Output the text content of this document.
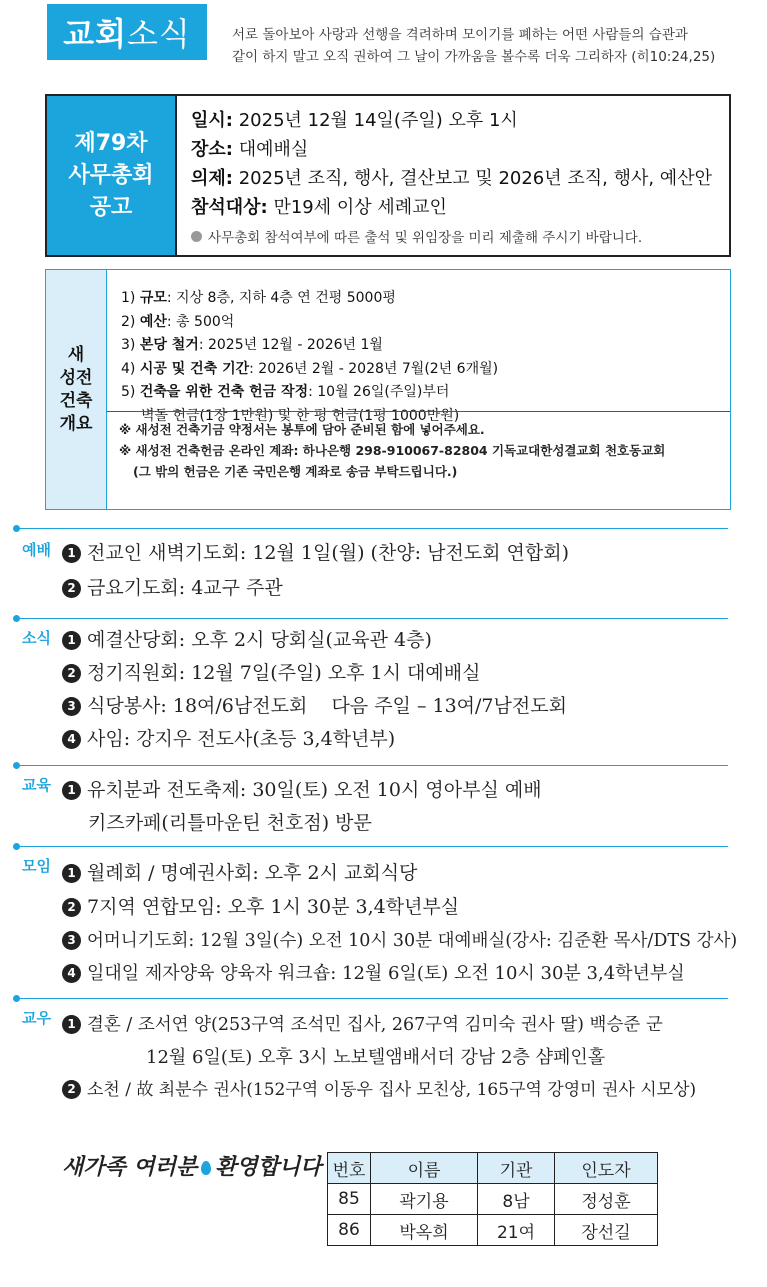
교회 소식	서로 돌아보아 사랑과 선행을 격려하며 모이기를 폐하는 어떤 사람들의 습관과
같이 하지 말고 오직 권하여 그 날이 가까움을 볼수록 더욱 그리하자 (히10:24,25)
제79차
사무총회
공고
일시: 2025년 12월 14일(주일) 오후 1시
장소: 대예배실
의제: 2025년 조직, 행사, 결산보고 및 2026년 조직, 행사, 예산안
참석대상: 만19세 이상 세례교인
사무총회 참석여부에 따른 출석 및 위임장을 미리 제출해 주시기 바랍니다.
새
성전
건축
개요
1) 규모: 지상 8층, 지하 4층 연 건평 5000평
2) 예산: 총 500억
3) 본당 철거: 2025년 12월 - 2026년 1월
4) 시공 및 건축 기간: 2026년 2월 - 2028년 7월(2년 6개월)
5) 건축을 위한 건축 헌금 작정: 10월 26일(주일)부터
벽돌 헌금(1장 1만원) 및 한 평 헌금(1평 1000만원)
※ 새성전 건축기금 약정서는 봉투에 담아 준비된 함에 넣어주세요.
※ 새성전 건축헌금 온라인 계좌: 하나은행 298-910067-82804 기독교대한성결교회 천호동교회
(그 밖의 헌금은 기존 국민은행 계좌로 송금 부탁드립니다.)
예배	1 전교인 새벽기도회: 12월 1일(월) (찬양: 남전도회 연합회)
2 금요기도회: 4교구 주관
소식	1 예결산당회: 오후 2시 당회실(교육관 4층)
2 정기직원회: 12월 7일(주일) 오후 1시 대예배실
3 식당봉사: 18여/6남전도회    다음 주일 – 13여/7남전도회
4 사임: 강지우 전도사(초등 3,4학년부)
교육	1 유치분과 전도축제: 30일(토) 오전 10시 영아부실 예배
키즈카페(리틀마운틴 천호점) 방문
모임	1 월례회 / 명예권사회: 오후 2시 교회식당
2 7지역 연합모임: 오후 1시 30분 3,4학년부실
3 어머니기도회: 12월 3일(수) 오전 10시 30분 대예배실(강사: 김준환 목사/DTS 강사)
4 일대일 제자양육 양육자 워크숍: 12월 6일(토) 오전 10시 30분 3,4학년부실
교우	1 결혼 / 조서연 양(253구역 조석민 집사, 267구역 김미숙 권사 딸) 백승준 군
12월 6일(토) 오후 3시 노보텔앰배서더 강남 2층 샴페인홀
2 소천 / 故 최분수 권사(152구역 이동우 집사 모친상, 165구역 강영미 권사 시모상)
새가족 여러분 환영합니다 번호	이름	기관	인도자
85	곽기용	8남	정성훈
86	박옥희	21여	장선길
